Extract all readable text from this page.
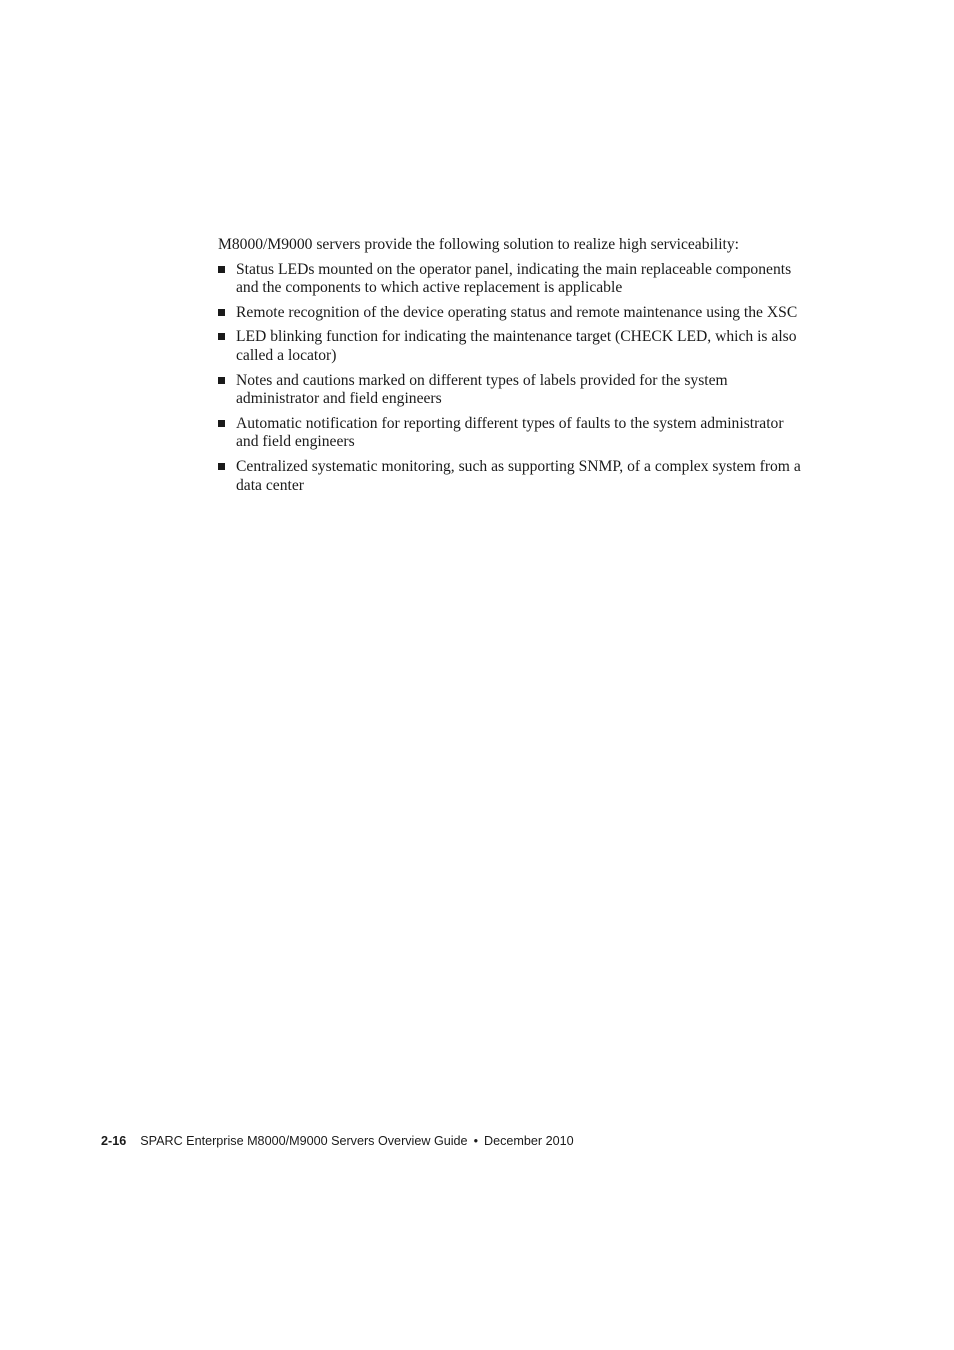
M8000/M9000 servers provide the following solution to realize high serviceability:

Status LEDs mounted on the operator panel, indicating the main replaceable components and the components to which active replacement is applicable
Remote recognition of the device operating status and remote maintenance using the XSC
LED blinking function for indicating the maintenance target (CHECK LED, which is also called a locator)
Notes and cautions marked on different types of labels provided for the system administrator and field engineers
Automatic notification for reporting different types of faults to the system administrator and field engineers
Centralized systematic monitoring, such as supporting SNMP, of a complex system from a data center
2-16 SPARC Enterprise M8000/M9000 Servers Overview Guide • December 2010
